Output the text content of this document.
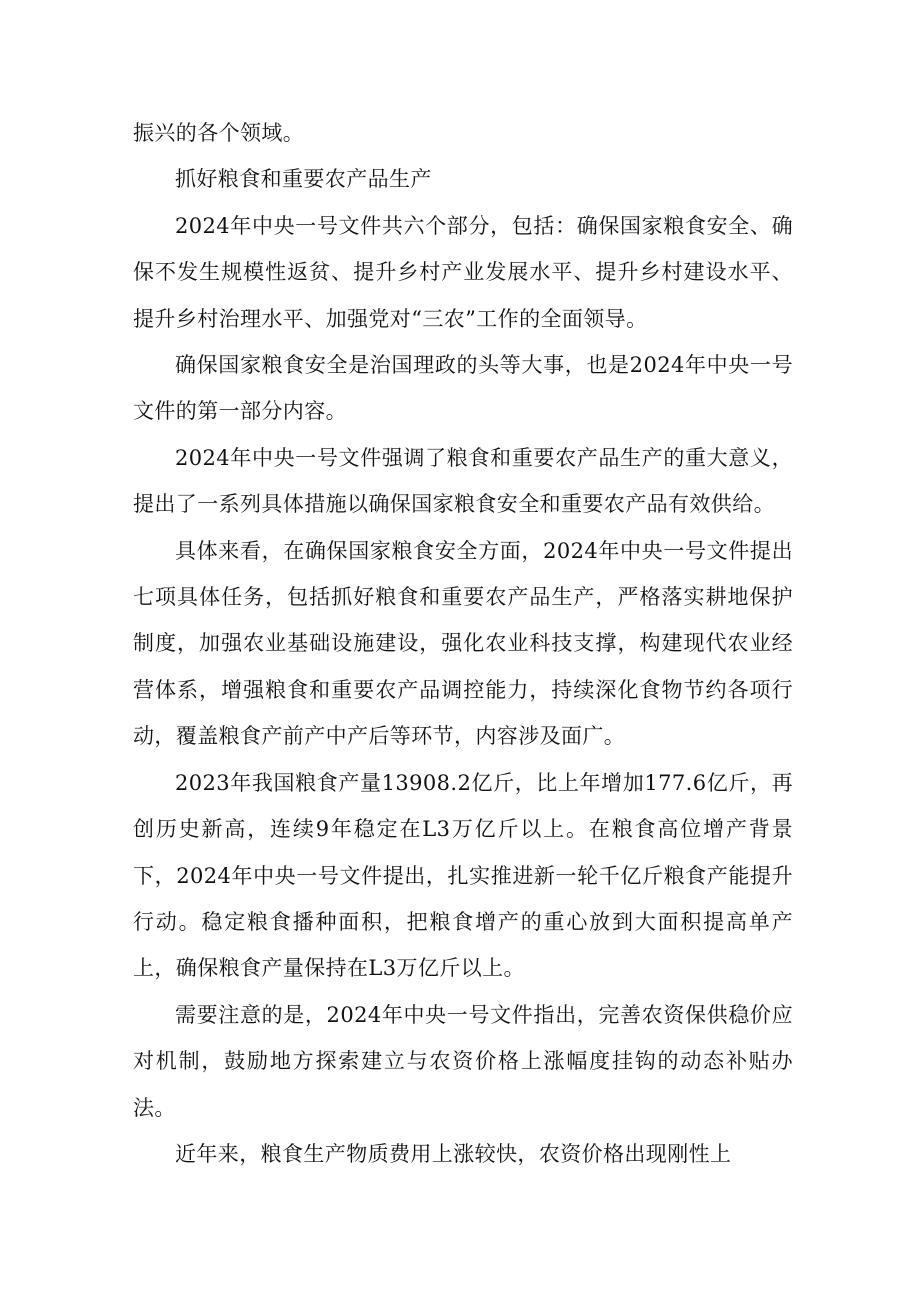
振兴的各个领域。

抓好粮食和重要农产品生产

2024年中央一号文件共六个部分，包括：确保国家粮食安全、确保不发生规模性返贫、提升乡村产业发展水平、提升乡村建设水平、提升乡村治理水平、加强党对“三农”工作的全面领导。

确保国家粮食安全是治国理政的头等大事，也是2024年中央一号文件的第一部分内容。

2024年中央一号文件强调了粮食和重要农产品生产的重大意义，提出了一系列具体措施以确保国家粮食安全和重要农产品有效供给。

具体来看，在确保国家粮食安全方面，2024年中央一号文件提出七项具体任务，包括抓好粮食和重要农产品生产，严格落实耕地保护制度，加强农业基础设施建设，强化农业科技支撑，构建现代农业经营体系，增强粮食和重要农产品调控能力，持续深化食物节约各项行动，覆盖粮食产前产中产后等环节，内容涉及面广。

2023年我国粮食产量13908.2亿斤，比上年增加177.6亿斤，再创历史新高，连续9年稳定在L3万亿斤以上。在粮食高位增产背景下，2024年中央一号文件提出，扎实推进新一轮千亿斤粮食产能提升行动。稳定粮食播种面积，把粮食增产的重心放到大面积提高单产上，确保粮食产量保持在L3万亿斤以上。

需要注意的是，2024年中央一号文件指出，完善农资保供稳价应对机制，鼓励地方探索建立与农资价格上涨幅度挂钩的动态补贴办法。

近年来，粮食生产物质费用上涨较快，农资价格出现刚性上
